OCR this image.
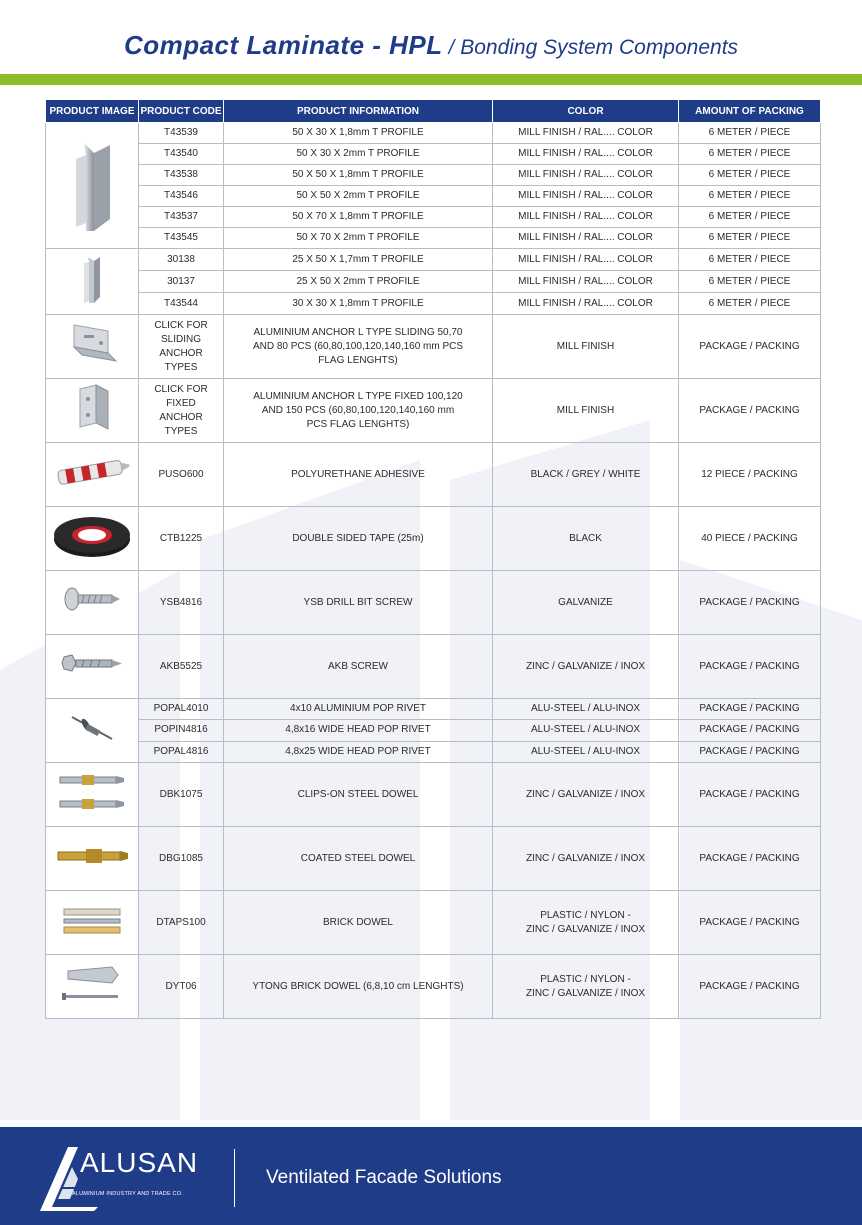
Compact Laminate - HPL / Bonding System Components
PRODUCT IMAGE	PRODUCT CODE	PRODUCT INFORMATION	COLOR	AMOUNT OF PACKING
	T43539	50 X 30 X 1,8mm T PROFILE	MILL FINISH / RAL.... COLOR	6 METER / PIECE
	T43540	50 X 30 X 2mm T PROFILE	MILL FINISH / RAL.... COLOR	6 METER / PIECE
	T43538	50 X 50 X 1,8mm T PROFILE	MILL FINISH / RAL.... COLOR	6 METER / PIECE
	T43546	50 X 50 X 2mm T PROFILE	MILL FINISH / RAL.... COLOR	6 METER / PIECE
	T43537	50 X 70 X 1,8mm T PROFILE	MILL FINISH / RAL.... COLOR	6 METER / PIECE
	T43545	50 X 70 X 2mm T PROFILE	MILL FINISH / RAL.... COLOR	6 METER / PIECE
	30138	25 X 50 X 1,7mm T PROFILE	MILL FINISH / RAL.... COLOR	6 METER / PIECE
	30137	25 X 50 X 2mm T PROFILE	MILL FINISH / RAL.... COLOR	6 METER / PIECE
	T43544	30 X 30 X 1,8mm T PROFILE	MILL FINISH / RAL.... COLOR	6 METER / PIECE
	CLICK FOR
SLIDING
ANCHOR TYPES	ALUMINIUM ANCHOR L TYPE SLIDING 50,70
AND 80 PCS (60,80,100,120,140,160 mm PCS
FLAG LENGHTS)	MILL FINISH	PACKAGE / PACKING
	CLICK FOR
FIXED
ANCHOR TYPES	ALUMINIUM ANCHOR L TYPE FIXED 100,120
AND 150 PCS (60,80,100,120,140,160 mm
PCS FLAG LENGHTS)	MILL FINISH	PACKAGE / PACKING
	PUSO600	POLYURETHANE ADHESIVE	BLACK / GREY / WHITE	12 PIECE / PACKING
	CTB1225	DOUBLE SIDED TAPE (25m)	BLACK	40 PIECE / PACKING
	YSB4816	YSB DRILL BIT SCREW	GALVANIZE	PACKAGE / PACKING
	AKB5525	AKB SCREW	ZINC / GALVANIZE / INOX	PACKAGE / PACKING
	POPAL4010	4x10 ALUMINIUM POP RIVET	ALU-STEEL / ALU-INOX	PACKAGE / PACKING
	POPIN4816	4,8x16 WIDE HEAD POP RIVET	ALU-STEEL / ALU-INOX	PACKAGE / PACKING
	POPAL4816	4,8x25 WIDE HEAD POP RIVET	ALU-STEEL / ALU-INOX	PACKAGE / PACKING
	DBK1075	CLIPS-ON STEEL DOWEL	ZINC / GALVANIZE / INOX	PACKAGE / PACKING
	DBG1085	COATED STEEL DOWEL	ZINC / GALVANIZE / INOX	PACKAGE / PACKING
	DTAPS100	BRICK DOWEL	PLASTIC / NYLON -
ZINC / GALVANIZE / INOX	PACKAGE / PACKING
	DYT06	YTONG BRICK DOWEL (6,8,10 cm LENGHTS)	PLASTIC / NYLON -
ZINC / GALVANIZE / INOX	PACKAGE / PACKING
ALUSAN
ALUMINIUM INDUSTRY AND TRADE CO.
Ventilated Facade Solutions
